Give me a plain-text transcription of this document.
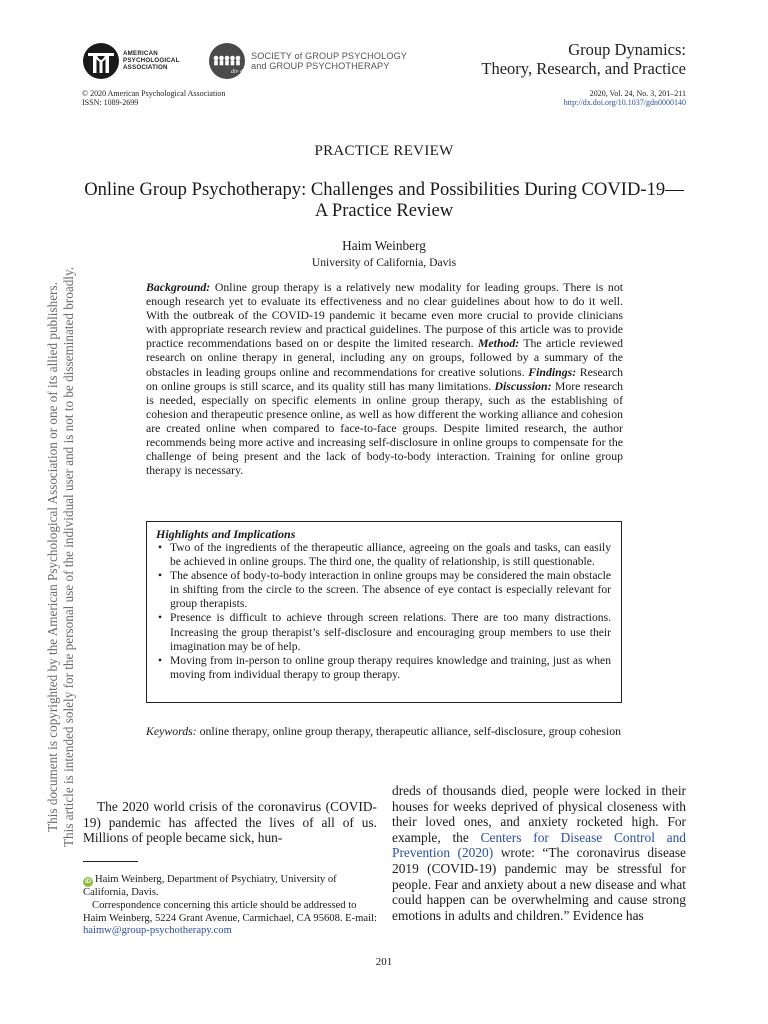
AMERICAN
PSYCHOLOGICAL
ASSOCIATION
div 49
SOCIETY of GROUP PSYCHOLOGY
and GROUP PSYCHOTHERAPY
Group Dynamics:
Theory, Research, and Practice
© 2020 American Psychological Association
ISSN: 1089-2699
2020, Vol. 24, No. 3, 201–211
http://dx.doi.org/10.1037/gdn0000140
PRACTICE REVIEW
Online Group Psychotherapy: Challenges and Possibilities During COVID-19—A Practice Review
Haim Weinberg
University of California, Davis
Background: Online group therapy is a relatively new modality for leading groups. There is not enough research yet to evaluate its effectiveness and no clear guidelines about how to do it well. With the outbreak of the COVID-19 pandemic it became even more crucial to provide clinicians with appropriate research review and practical guidelines. The purpose of this article was to provide practice recommendations based on or despite the limited research. Method: The article reviewed research on online therapy in general, including any on groups, followed by a summary of the obstacles in leading groups online and recommendations for creative solutions. Findings: Research on online groups is still scarce, and its quality still has many limitations. Discussion: More research is needed, especially on specific elements in online group therapy, such as the establishing of cohesion and therapeutic presence online, as well as how different the working alliance and cohesion are created online when compared to face-to-face groups. Despite limited research, the author recommends being more active and increasing self-disclosure in online groups to compensate for the challenge of being present and the lack of body-to-body interaction. Training for online group therapy is necessary.
Highlights and Implications
• Two of the ingredients of the therapeutic alliance, agreeing on the goals and tasks, can easily be achieved in online groups. The third one, the quality of relationship, is still questionable.
• The absence of body-to-body interaction in online groups may be considered the main obstacle in shifting from the circle to the screen. The absence of eye contact is especially relevant for group therapists.
• Presence is difficult to achieve through screen relations. There are too many distractions. Increasing the group therapist’s self-disclosure and encouraging group members to use their imagination may be of help.
• Moving from in-person to online group therapy requires knowledge and training, just as when moving from individual therapy to group therapy.
Keywords: online therapy, online group therapy, therapeutic alliance, self-disclosure, group cohesion
The 2020 world crisis of the coronavirus (COVID-19) pandemic has affected the lives of all of us. Millions of people became sick, hun-
dreds of thousands died, people were locked in their houses for weeks deprived of physical closeness with their loved ones, and anxiety rocketed high. For example, the Centers for Disease Control and Prevention (2020) wrote: “The coronavirus disease 2019 (COVID-19) pandemic may be stressful for people. Fear and anxiety about a new disease and what could happen can be overwhelming and cause strong emotions in adults and children.” Evidence has

iD Haim Weinberg, Department of Psychiatry, University of California, Davis.

Correspondence concerning this article should be addressed to Haim Weinberg, 5224 Grant Avenue, Carmichael, CA 95608. E-mail: haimw@group-psychotherapy.com

201
This document is copyrighted by the American Psychological Association or one of its allied publishers. This article is intended solely for the personal use of the individual user and is not to be disseminated broadly.
